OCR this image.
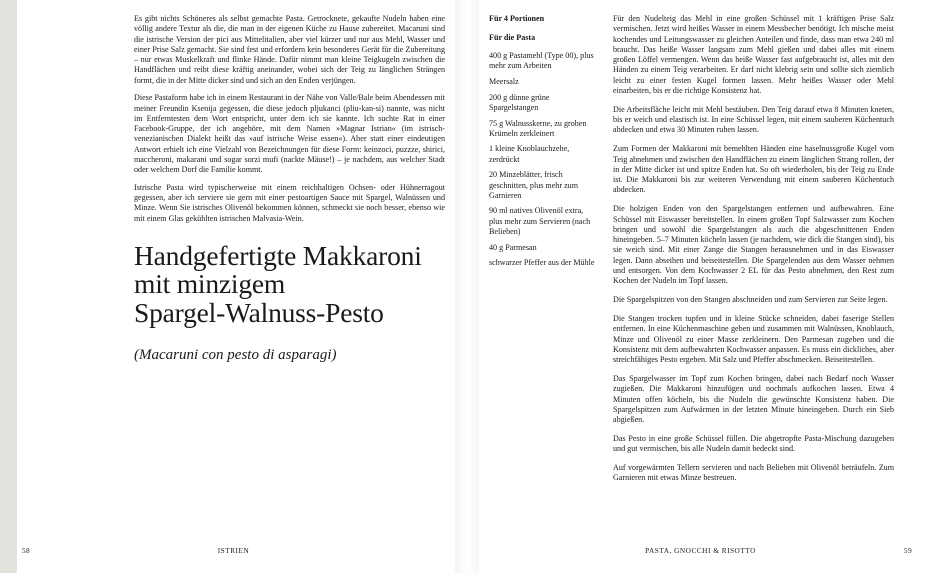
Es gibt nichts Schöneres als selbst gemachte Pasta. Getrocknete, gekaufte Nudeln haben eine völlig andere Textur als die, die man in der eigenen Küche zu Hause zubereitet. Macaruni sind die istrische Version der pici aus Mittelitalien, aber viel kürzer und nur aus Mehl, Wasser und einer Prise Salz gemacht. Sie sind fest und erfordern kein besonderes Gerät für die Zubereitung – nur etwas Muskelkraft und flinke Hände. Dafür nimmt man kleine Teigkugeln zwischen die Handflächen und reibt diese kräftig aneinander, wobei sich der Teig zu länglichen Strängen formt, die in der Mitte dicker sind und sich an den Enden verjüngen.

Diese Pastaform habe ich in einem Restaurant in der Nähe von Valle/Bale beim Abendessen mit meiner Freundin Ksenija gegessen, die diese jedoch pljukanci (pliu-kan-si) nannte, was nicht im Entferntesten dem Wort entspricht, unter dem ich sie kannte. Ich suchte Rat in einer Facebook-Gruppe, der ich angehöre, mit dem Namen »Magnar Istrian« (im istrisch-venezianischen Dialekt heißt das »auf istrische Weise essen«). Aber statt einer eindeutigen Antwort erhielt ich eine Vielzahl von Bezeichnungen für diese Form: keinzoci, puzzze, shirici, maccheroni, makarani und sogar sorzi mufi (nackte Mäuse!) – je nachdem, aus welcher Stadt oder welchem Dorf die Familie kommt.

Istrische Pasta wird typischerweise mit einem reichhaltigen Ochsen- oder Hühnerragout gegessen, aber ich serviere sie gern mit einer pestoartigen Sauce mit Spargel, Walnüssen und Minze. Wenn Sie istrisches Olivenöl bekommen können, schmeckt sie noch besser, ebenso wie mit einem Glas gekühlten istrischen Malvasia-Wein.

Handgefertigte Makkaroni
mit minzigem
Spargel-Walnuss-Pesto
(Macaruni con pesto di asparagi)
58	ISTRIEN

Für 4 Portionen

Für die Pasta

400 g Pastamehl (Type 00), plus mehr zum Arbeiten
Meersalz
200 g dünne grüne Spargelstangen
75 g Walnusskerne, zu groben Krümeln zerkleinert
1 kleine Knoblauchzehe, zerdrückt
20 Minzeblätter, frisch geschnitten, plus mehr zum Garnieren
90 ml natives Olivenöl extra, plus mehr zum Servieren (nach Belieben)
40 g Parmesan
schwarzer Pfeffer aus der Mühle

Für den Nudelteig das Mehl in eine großen Schüssel mit 1 kräftigen Prise Salz vermischen. Jetzt wird heißes Wasser in einem Messbecher benötigt. Ich mische meist kochendes und Leitungswasser zu gleichen Anteilen und finde, dass man etwa 240 ml braucht. Das heiße Wasser langsam zum Mehl gießen und dabei alles mit einem großen Löffel vermengen. Wenn das heiße Wasser fast aufgebraucht ist, alles mit den Händen zu einem Teig verarbeiten. Er darf nicht klebrig sein und sollte sich ziemlich leicht zu einer festen Kugel formen lassen. Mehr heißes Wasser oder Mehl einarbeiten, bis er die richtige Konsistenz hat.

Die Arbeitsfläche leicht mit Mehl bestäuben. Den Teig darauf etwa 8 Minuten kneten, bis er weich und elastisch ist. In eine Schüssel legen, mit einem sauberen Küchentuch abdecken und etwa 30 Minuten ruhen lassen.

Zum Formen der Makkaroni mit bemehlten Händen eine haselnussgroße Kugel vom Teig abnehmen und zwischen den Handflächen zu einem länglichen Strang rollen, der in der Mitte dicker ist und spitze Enden hat. So oft wiederholen, bis der Teig zu Ende ist. Die Makkaroni bis zur weiteren Verwendung mit einem sauberen Küchentuch abdecken.

Die holzigen Enden von den Spargelstangen entfernen und aufbewahren. Eine Schüssel mit Eiswasser bereitstellen. In einem großen Topf Salzwasser zum Kochen bringen und sowohl die Spargelstangen als auch die abgeschnittenen Enden hineingeben. 5–7 Minuten köcheln lassen (je nachdem, wie dick die Stangen sind), bis sie weich sind. Mit einer Zange die Stangen herausnehmen und in das Eiswasser legen. Dann abseihen und beiseitestellen. Die Spargelenden aus dem Wasser nehmen und entsorgen. Von dem Kochwasser 2 EL für das Pesto abnehmen, den Rest zum Kochen der Nudeln im Topf lassen.

Die Spargelspitzen von den Stangen abschneiden und zum Servieren zur Seite legen.

Die Stangen trocken tupfen und in kleine Stücke schneiden, dabei faserige Stellen entfernen. In eine Küchenmaschine geben und zusammen mit Walnüssen, Knoblauch, Minze und Olivenöl zu einer Masse zerkleinern. Den Parmesan zugeben und die Konsistenz mit dem aufbewahrten Kochwasser anpassen. Es muss ein dickliches, aber streichfähiges Pesto ergeben. Mit Salz und Pfeffer abschmecken. Beiseitestellen.

Das Spargelwasser im Topf zum Kochen bringen, dabei nach Bedarf noch Wasser zugießen. Die Makkaroni hinzufügen und nochmals aufkochen lassen. Etwa 4 Minuten offen köcheln, bis die Nudeln die gewünschte Konsistenz haben. Die Spargelspitzen zum Aufwärmen in der letzten Minute hineingeben. Durch ein Sieb abgießen.

Das Pesto in eine große Schüssel füllen. Die abgetropfte Pasta-Mischung dazugeben und gut vermischen, bis alle Nudeln damit bedeckt sind.

Auf vorgewärmten Tellern servieren und nach Belieben mit Olivenöl beträufeln. Zum Garnieren mit etwas Minze bestreuen.

PASTA, GNOCCHI & RISOTTO	59
